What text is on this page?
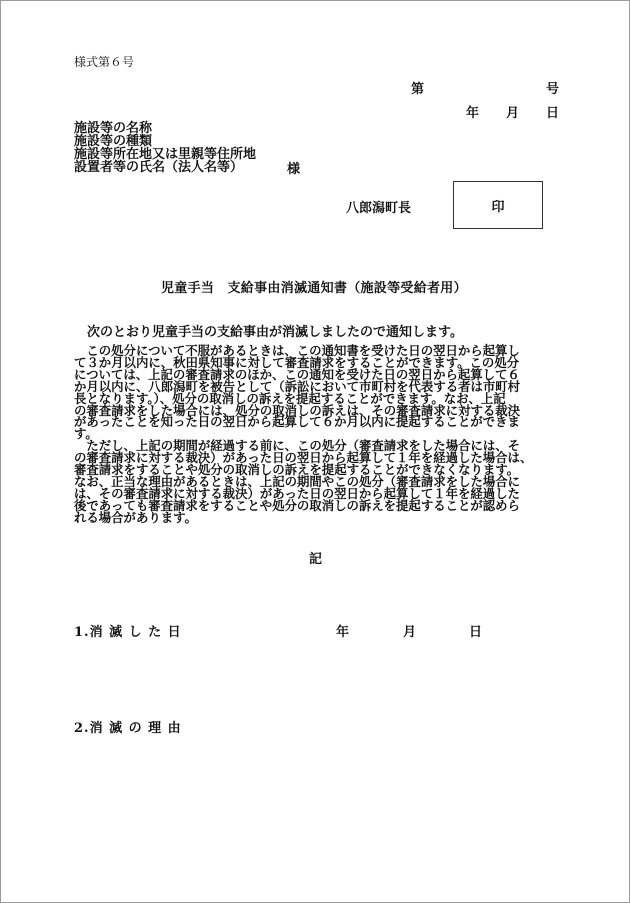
様式第６号
第	号
年 月 日
施設等の名称
施設等の種類
施設等所在地又は里親等住所地
設置者等の氏名（法人名等）	様
八郎潟町長	印
児童手当　支給事由消滅通知書（施設等受給者用）
次のとおり児童手当の支給事由が消滅しましたので通知します。
　この処分について不服があるときは、この通知書を受けた日の翌日から起算し
て３か月以内に、秋田県知事に対して審査請求をすることができます。この処分
については、上記の審査請求のほか、この通知を受けた日の翌日から起算して６
か月以内に、八郎潟町を被告として（訴訟において市町村を代表する者は市町村
長となります。）、処分の取消しの訴えを提起することができます。なお、上記
の審査請求をした場合には、処分の取消しの訴えは、その審査請求に対する裁決
があったことを知った日の翌日から起算して６か月以内に提起することができま
す。
　ただし、上記の期間が経過する前に、この処分（審査請求をした場合には、そ
の審査請求に対する裁決）があった日の翌日から起算して１年を経過した場合は、
審査請求をすることや処分の取消しの訴えを提起することができなくなります。
なお、正当な理由があるときは、上記の期間やこの処分（審査請求をした場合に
は、その審査請求に対する裁決）があった日の翌日から起算して１年を経過した
後であっても審査請求をすることや処分の取消しの訴えを提起することが認めら
れる場合があります。
記
1.消 滅 し た 日	年	月	日
2.消 滅 の 理 由
